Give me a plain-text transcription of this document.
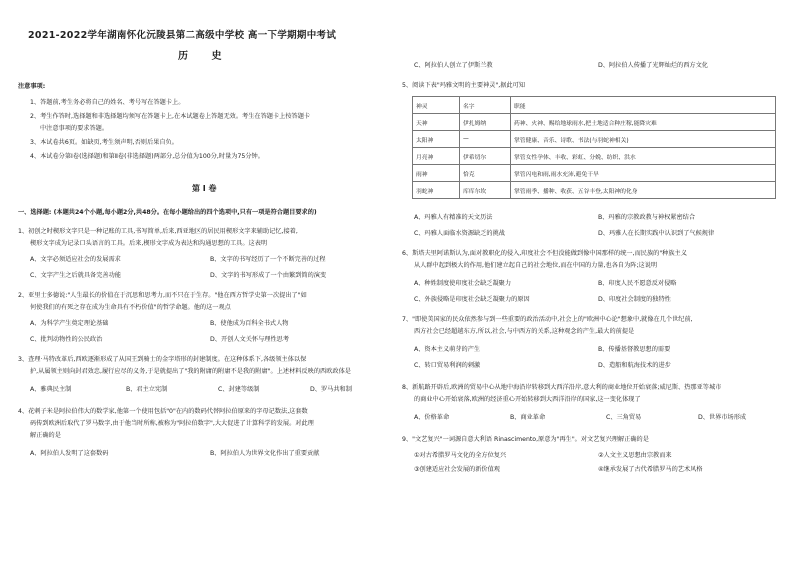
2021-2022学年湖南怀化沅陵县第二高级中学校 高一下学期期中考试
历 史
注意事项:
1、答题前,考生务必将自己的姓名、考号写在答题卡上。
2、考生作答时,选择题和非选择题均须写在答题卡上,在本试题卷上答题无效。考生在答题卡上按答题卡
中注意事项的要求答题。
3、本试卷共6页。如缺页,考生须声明,否则后果自负。
4、本试卷分第Ⅰ卷(选择题)和第Ⅱ卷(非选择题)两部分,总分值为100分,时量为75分钟。
第 Ⅰ 卷
一、选择题: (本题共24个小题,每小题2分,共48分。在每小题给出的四个选项中,只有一项是符合题目要求的)
1、初创之时楔形文字只是一种记账的工具,书写简单,后来,西亚地区的居民用楔形文字来辅助记忆,接着,
楔形文字成为记录口头语言的工具。后来,楔形文字成为表达和沟通思想的工具。这表明
A、文字必须适应社会的发展需求	B、文字的书写经历了一个不断完善的过程
C、文字产生之后就具备完善功能	D、文字的书写形成了一个由繁到简的演变
2、亚里士多德说:"人生最长的价值在于沉思和思考力,而不只在于生存。"他在西方哲学史第一次提出了"如
何使我们的有死之存在成为生命具有不朽价值"的哲学命题。他的这一观点
A、为科学产生奠定理论基础	B、使他成为百科全书式人物
C、批判动物性的公民政治	D、开创人文关怀与理性思考
3、查理·马特改革后,西欧逐渐形成了从国王到骑士的金字塔形的封建制度。在这种体系下,各级领主体以保
护,从属领主则向封君效忠,履行应尽的义务,于是就提出了"我的附庸的附庸不是我的附庸"。上述材料反映的西欧政体是
A、雅典民主制	B、君主立宪制	C、封建等级制	D、罗马共和制
4、花剌子米是阿拉伯伟大的数学家,他第一个使用包括"0"在内的数码代替阿拉伯原来的字母记数法,这套数
码传到欧洲后取代了罗马数字,由于他当时所称,被称为"阿拉伯数字",大大促进了计算科学的发展。对此理
解正确的是
A、阿拉伯人发明了这套数码	B、阿拉伯人为世界文化作出了重要贡献
C、阿拉伯人创立了伊斯兰教	D、阿拉伯人传播了光辉灿烂的西方文化
5、阅读下表"玛雅文明的主要神灵",据此可知
神灵	名字	职能
天神	伊扎姆纳	药神、火神、赐给地球雨水,把土地适合种庄稼,能降灾难
太阳神	—	掌管健康、音乐、诗歌、书法(与羽蛇神相关)
月亮神	伊希切尔	掌管女性孕体、丰收、彩虹、分娩、纺织、洪水
雨神	恰克	掌管闪电和雨,雨水充沛,避免干旱
羽蛇神	库库尔坎	掌管雨季、播种、收获、五谷丰登,太阳神的化身
A、玛雅人有精准的天文历法	B、玛雅的宗教政教与神权紧密结合
C、玛雅人面临水资源缺乏的挑战	D、玛雅人在长期实践中认识到了气候规律
6、斯塔夫里阿诺斯认为,面对教职化的侵入,印度社会不但没能做到像中国那样的统一,而民族的"种族主义
从人群中起到极大的作用,他们建立起自己的社会地位,而在中国的力量,也各自为阵;这说明
A、种姓制度使印度社会缺乏凝聚力	B、印度人民不愿意反对侵略
C、外族侵略是印度社会缺乏凝聚力的原因	D、印度社会制度的独特性
7、"即使美国家的民众依然参与到一些重要的政治活动中,社会上的"欧洲中心论"想象中,就像在几个世纪前,
西方社会已经超越东方,所以,社会,与中西方的关系,这种观念的产生,最大的前提是
A、资本主义萌芽的产生	B、传播基督教思想的需要
C、转口贸易利润的刺激	D、造船和航海技术的进步
8、新航路开辟后,欧洲的贸易中心从地中海沿岸转移到大西洋沿岸,意大利的商业地位开始衰落;威尼斯、热那亚等城市
的商业中心开始衰落,欧洲的经济重心开始转移到大西洋沿岸的国家,这一变化体现了
A、价格革命	B、商业革命	C、三角贸易	D、世界市场形成
9、"文艺复兴"一词源自意大利语 Rinascimento,原意为"再生"。对文艺复兴理解正确的是
①对古希腊罗马文化的全方位复兴	②人文主义思想由宗教而来
③创建适应社会发展的新价值观	④继承发展了古代希腊罗马的艺术风格
